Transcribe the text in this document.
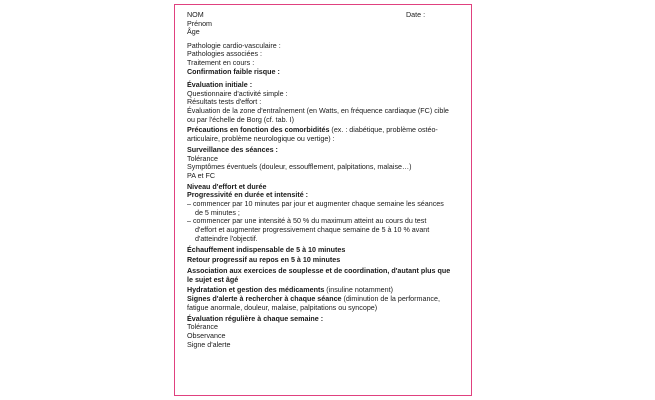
Date :
NOM
Prénom
Âge
Pathologie cardio-vasculaire :
Pathologies associées :
Traitement en cours :
Confirmation faible risque :
Évaluation initiale :
Questionnaire d'activité simple :
Résultats tests d'effort :
Évaluation de la zone d'entraînement (en Watts, en fréquence cardiaque (FC) cible
ou par l'échelle de Borg (cf. tab. I)
Précautions en fonction des comorbidités (ex. : diabétique, problème ostéo-
articulaire, problème neurologique ou vertige) :
Surveillance des séances :
Tolérance
Symptômes éventuels (douleur, essoufflement, palpitations, malaise…)
PA et FC
Niveau d'effort et durée
Progressivité en durée et intensité :
– commencer par 10 minutes par jour et augmenter chaque semaine les séances
de 5 minutes ;
– commencer par une intensité à 50 % du maximum atteint au cours du test
d'effort et augmenter progressivement chaque semaine de 5 à 10 % avant
d'atteindre l'objectif.
Échauffement indispensable de 5 à 10 minutes
Retour progressif au repos en 5 à 10 minutes
Association aux exercices de souplesse et de coordination, d'autant plus que
le sujet est âgé
Hydratation et gestion des médicaments (insuline notamment)
Signes d'alerte à rechercher à chaque séance (diminution de la performance,
fatigue anormale, douleur, malaise, palpitations ou syncope)
Évaluation régulière à chaque semaine :
Tolérance
Observance
Signe d'alerte
